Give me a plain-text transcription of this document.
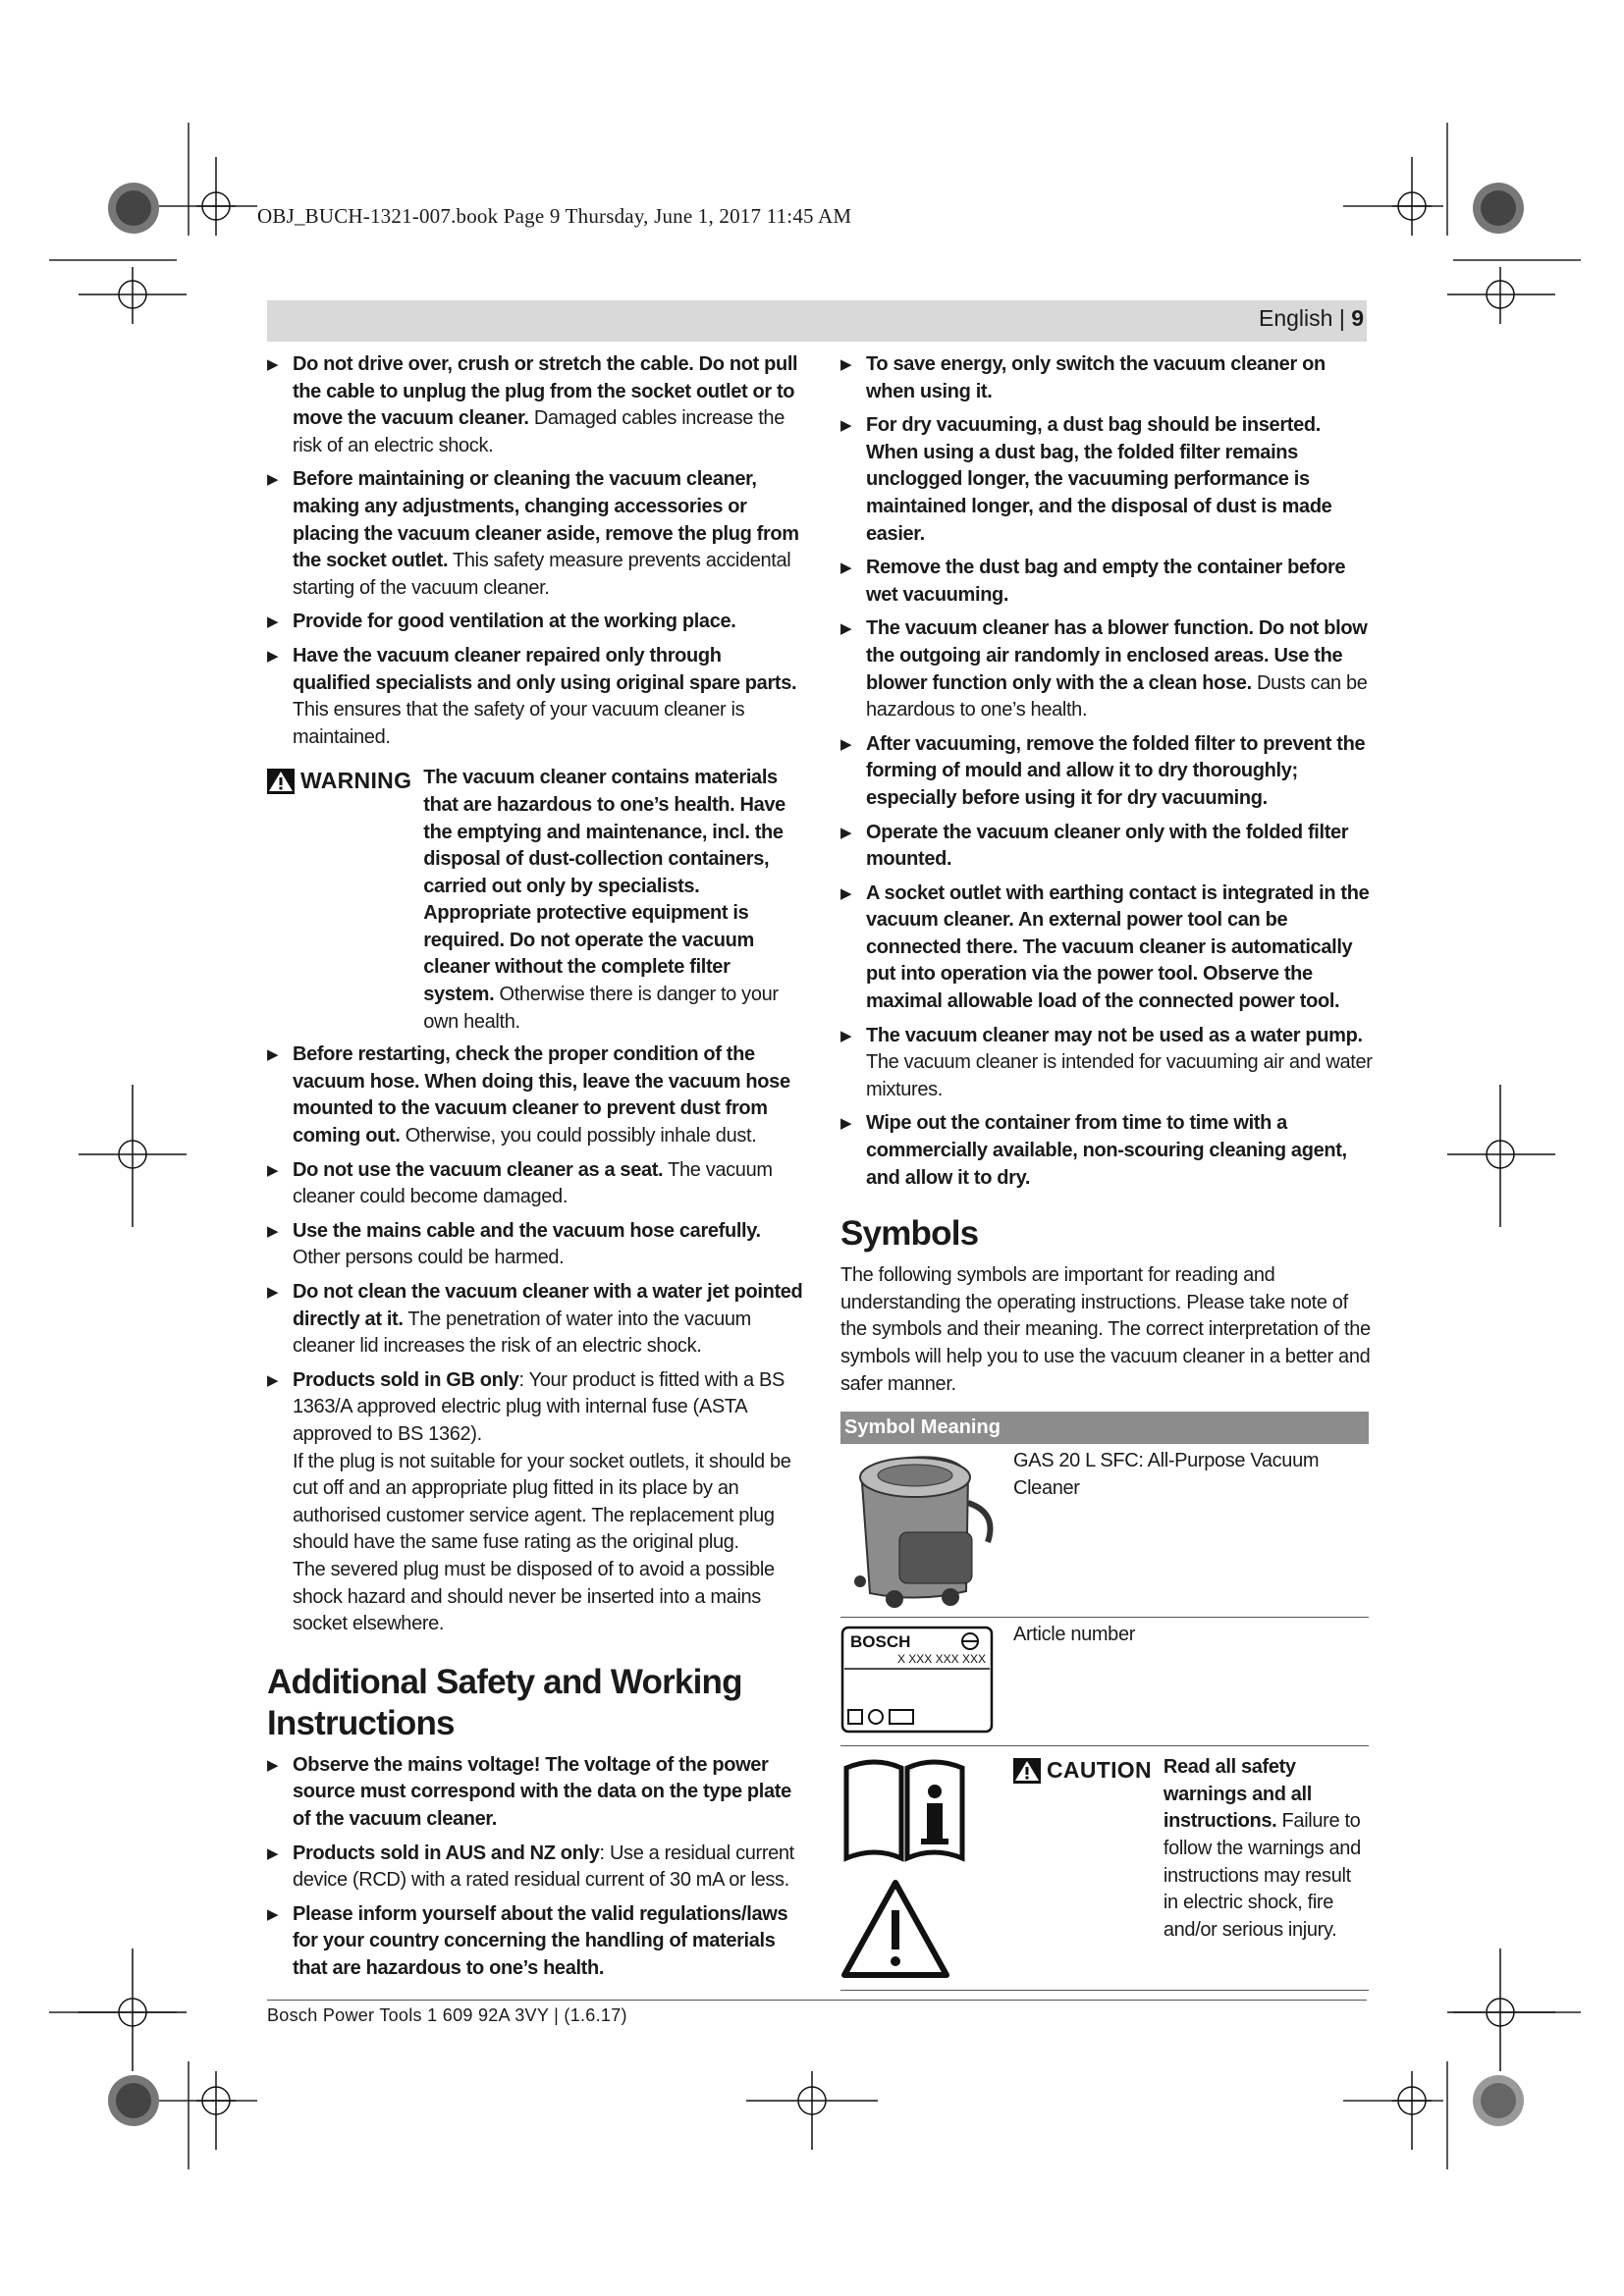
OBJ_BUCH-1321-007.book Page 9 Thursday, June 1, 2017 11:45 AM
English | 9
▶ Do not drive over, crush or stretch the cable. Do not pull the cable to unplug the plug from the socket outlet or to move the vacuum cleaner. Damaged cables increase the risk of an electric shock.
▶ Before maintaining or cleaning the vacuum cleaner, making any adjustments, changing accessories or placing the vacuum cleaner aside, remove the plug from the socket outlet. This safety measure prevents accidental starting of the vacuum cleaner.
▶ Provide for good ventilation at the working place.
▶ Have the vacuum cleaner repaired only through qualified specialists and only using original spare parts. This ensures that the safety of your vacuum cleaner is maintained.
WARNING The vacuum cleaner contains materials that are hazardous to one’s health. Have the emptying and maintenance, incl. the disposal of dust-collection containers, carried out only by specialists. Appropriate protective equipment is required. Do not operate the vacuum cleaner without the complete filter system. Otherwise there is danger to your own health.
▶ Before restarting, check the proper condition of the vacuum hose. When doing this, leave the vacuum hose mounted to the vacuum cleaner to prevent dust from coming out. Otherwise, you could possibly inhale dust.
▶ Do not use the vacuum cleaner as a seat. The vacuum cleaner could become damaged.
▶ Use the mains cable and the vacuum hose carefully. Other persons could be harmed.
▶ Do not clean the vacuum cleaner with a water jet pointed directly at it. The penetration of water into the vacuum cleaner lid increases the risk of an electric shock.
▶ Products sold in GB only: Your product is fitted with a BS 1363/A approved electric plug with internal fuse (ASTA approved to BS 1362).
If the plug is not suitable for your socket outlets, it should be cut off and an appropriate plug fitted in its place by an authorised customer service agent. The replacement plug should have the same fuse rating as the original plug.
The severed plug must be disposed of to avoid a possible shock hazard and should never be inserted into a mains socket elsewhere.
Additional Safety and Working Instructions
▶ Observe the mains voltage! The voltage of the power source must correspond with the data on the type plate of the vacuum cleaner.
▶ Products sold in AUS and NZ only: Use a residual current device (RCD) with a rated residual current of 30 mA or less.
▶ Please inform yourself about the valid regulations/laws for your country concerning the handling of materials that are hazardous to one’s health.
▶ To save energy, only switch the vacuum cleaner on when using it.
▶ For dry vacuuming, a dust bag should be inserted. When using a dust bag, the folded filter remains unclogged longer, the vacuuming performance is maintained longer, and the disposal of dust is made easier.
▶ Remove the dust bag and empty the container before wet vacuuming.
▶ The vacuum cleaner has a blower function. Do not blow the outgoing air randomly in enclosed areas. Use the blower function only with the a clean hose. Dusts can be hazardous to one’s health.
▶ After vacuuming, remove the folded filter to prevent the forming of mould and allow it to dry thoroughly; especially before using it for dry vacuuming.
▶ Operate the vacuum cleaner only with the folded filter mounted.
▶ A socket outlet with earthing contact is integrated in the vacuum cleaner. An external power tool can be connected there. The vacuum cleaner is automatically put into operation via the power tool. Observe the maximal allowable load of the connected power tool.
▶ The vacuum cleaner may not be used as a water pump. The vacuum cleaner is intended for vacuuming air and water mixtures.
▶ Wipe out the container from time to time with a commercially available, non-scouring cleaning agent, and allow it to dry.
Symbols
The following symbols are important for reading and understanding the operating instructions. Please take note of the symbols and their meaning. The correct interpretation of the symbols will help you to use the vacuum cleaner in a better and safer manner.
Symbol Meaning
GAS 20 L SFC: All-Purpose Vacuum Cleaner
BOSCH
X XXX XXX XXX
Article number

CAUTION Read all safety warnings and all instructions. Failure to follow the warnings and instructions may result in electric shock, fire and/or serious injury.
Bosch Power Tools 1 609 92A 3VY | (1.6.17)
